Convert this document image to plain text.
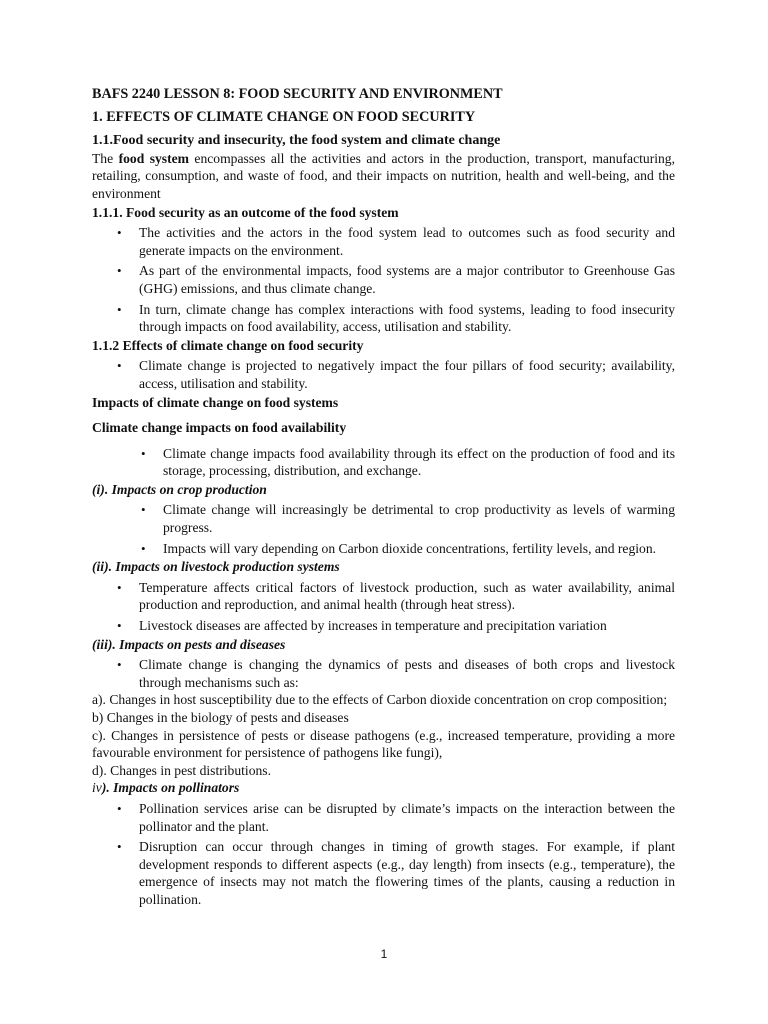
BAFS 2240 LESSON 8: FOOD SECURITY AND ENVIRONMENT
1. EFFECTS OF CLIMATE CHANGE ON FOOD SECURITY
1.1.Food security and insecurity, the food system and climate change
The food system encompasses all the activities and actors in the production, transport, manufacturing, retailing, consumption, and waste of food, and their impacts on nutrition, health and well-being, and the environment
1.1.1. Food security as an outcome of the food system
• The activities and the actors in the food system lead to outcomes such as food security and generate impacts on the environment.
• As part of the environmental impacts, food systems are a major contributor to Greenhouse Gas (GHG) emissions, and thus climate change.
• In turn, climate change has complex interactions with food systems, leading to food insecurity through impacts on food availability, access, utilisation and stability.
1.1.2 Effects of climate change on food security
• Climate change is projected to negatively impact the four pillars of food security; availability, access, utilisation and stability.
Impacts of climate change on food systems
Climate change impacts on food availability
• Climate change impacts food availability through its effect on the production of food and its storage, processing, distribution, and exchange.
(i). Impacts on crop production
• Climate change will increasingly be detrimental to crop productivity as levels of warming progress.
• Impacts will vary depending on Carbon dioxide concentrations, fertility levels, and region.
(ii). Impacts on livestock production systems
• Temperature affects critical factors of livestock production, such as water availability, animal production and reproduction, and animal health (through heat stress).
• Livestock diseases are affected by increases in temperature and precipitation variation
(iii). Impacts on pests and diseases
• Climate change is changing the dynamics of pests and diseases of both crops and livestock through mechanisms such as:
a). Changes in host susceptibility due to the effects of Carbon dioxide concentration on crop composition;
b) Changes in the biology of pests and diseases
c). Changes in persistence of pests or disease pathogens (e.g., increased temperature, providing a more favourable environment for persistence of pathogens like fungi),
d). Changes in pest distributions.
iv). Impacts on pollinators
• Pollination services arise can be disrupted by climate’s impacts on the interaction between the pollinator and the plant.
• Disruption can occur through changes in timing of growth stages. For example, if plant development responds to different aspects (e.g., day length) from insects (e.g., temperature), the emergence of insects may not match the flowering times of the plants, causing a reduction in pollination.
1
